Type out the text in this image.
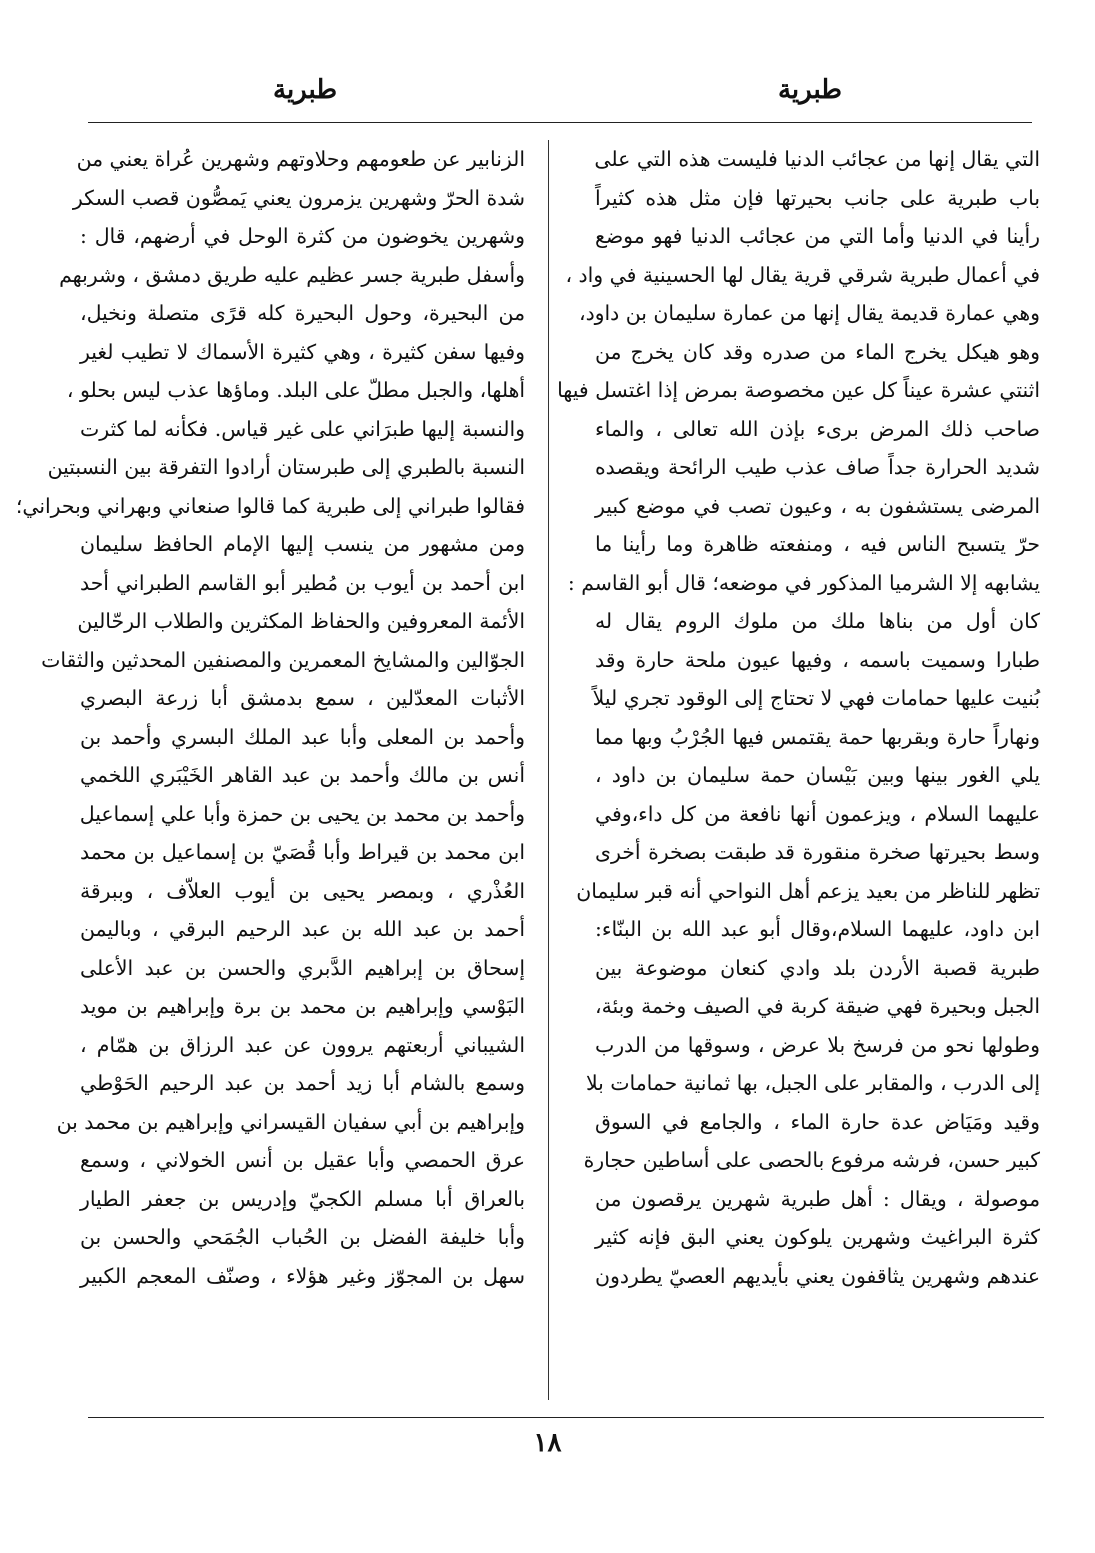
طبرية
طبرية
التي يقال إنها من عجائب الدنيا فليست هذه التي على
باب طبرية على جانب بحيرتها فإن مثل هذه كثيراً
رأينا في الدنيا وأما التي من عجائب الدنيا فهو موضع
في أعمال طبرية شرقي قرية يقال لها الحسينية في واد ،
وهي عمارة قديمة يقال إنها من عمارة سليمان بن داود،
وهو هيكل يخرج الماء من صدره وقد كان يخرج من
اثنتي عشرة عيناً كل عين مخصوصة بمرض إذا اغتسل فيها
صاحب ذلك المرض برىء بإذن الله تعالى ، والماء
شديد الحرارة جداً صاف عذب طيب الرائحة ويقصده
المرضى يستشفون به ، وعيون تصب في موضع كبير
حرّ يتسبح الناس فيه ، ومنفعته ظاهرة وما رأينا ما
يشابهه إلا الشرميا المذكور في موضعه؛ قال أبو القاسم :
كان أول من بناها ملك من ملوك الروم يقال له
طبارا وسميت باسمه ، وفيها عيون ملحة حارة وقد
بُنيت عليها حمامات فهي لا تحتاج إلى الوقود تجري ليلاً
ونهاراً حارة وبقربها حمة يقتمس فيها الجُرْبُ وبها مما
يلي الغور بينها وبين بَيْسان حمة سليمان بن داود ،
عليهما السلام ، ويزعمون أنها نافعة من كل داء،وفي
وسط بحيرتها صخرة منقورة قد طبقت بصخرة أخرى
تظهر للناظر من بعيد يزعم أهل النواحي أنه قبر سليمان
ابن داود، عليهما السلام،وقال أبو عبد الله بن البنّاء:
طبرية قصبة الأردن بلد وادي كنعان موضوعة بين
الجبل وبحيرة فهي ضيقة كربة في الصيف وخمة وبئة،
وطولها نحو من فرسخ بلا عرض ، وسوقها من الدرب
إلى الدرب ، والمقابر على الجبل، بها ثمانية حمامات بلا
وقيد ومَيَاض عدة حارة الماء ، والجامع في السوق
كبير حسن، فرشه مرفوع بالحصى على أساطين حجارة
موصولة ، ويقال : أهل طبرية شهرين يرقصون من
كثرة البراغيث وشهرين يلوكون يعني البق فإنه كثير
عندهم وشهرين يثاقفون يعني بأيديهم العصيّ يطردون
الزنابير عن طعومهم وحلاوتهم وشهرين عُراة يعني من
شدة الحرّ وشهرين يزمرون يعني يَمصُّون قصب السكر
وشهرين يخوضون من كثرة الوحل في أرضهم، قال :
وأسفل طبرية جسر عظيم عليه طريق دمشق ، وشربهم
من البحيرة، وحول البحيرة كله قرًى متصلة ونخيل،
وفيها سفن كثيرة ، وهي كثيرة الأسماك لا تطيب لغير
أهلها، والجبل مطلّ على البلد. وماؤها عذب ليس بحلو ،
والنسبة إليها طبرَاني على غير قياس. فكأنه لما كثرت
النسبة بالطبري إلى طبرستان أرادوا التفرقة بين النسبتين
فقالوا طبراني إلى طبرية كما قالوا صنعاني وبهراني وبحراني؛
ومن مشهور من ينسب إليها الإمام الحافظ سليمان
ابن أحمد بن أيوب بن مُطير أبو القاسم الطبراني أحد
الأئمة المعروفين والحفاظ المكثرين والطلاب الرحّالين
الجوّالين والمشايخ المعمرين والمصنفين المحدثين والثقات
الأثبات المعدّلين ، سمع بدمشق أبا زرعة البصري
وأحمد بن المعلى وأبا عبد الملك البسري وأحمد بن
أنس بن مالك وأحمد بن عبد القاهر الخَيْبَري اللخمي
وأحمد بن محمد بن يحيى بن حمزة وأبا علي إسماعيل
ابن محمد بن قيراط وأبا قُصَيّ بن إسماعيل بن محمد
العُذْري ، وبمصر يحيى بن أيوب العلاّف ، وببرقة
أحمد بن عبد الله بن عبد الرحيم البرقي ، وباليمن
إسحاق بن إبراهيم الدَّبري والحسن بن عبد الأعلى
البَوْسي وإبراهيم بن محمد بن برة وإبراهيم بن مويد
الشيباني أربعتهم يروون عن عبد الرزاق بن همّام ،
وسمع بالشام أبا زيد أحمد بن عبد الرحيم الحَوْطي
وإبراهيم بن أبي سفيان القيسراني وإبراهيم بن محمد بن
عرق الحمصي وأبا عقيل بن أنس الخولاني ، وسمع
بالعراق أبا مسلم الكجيّ وإدريس بن جعفر الطيار
وأبا خليفة الفضل بن الحُباب الجُمَحي والحسن بن
سهل بن المجوّز وغير هؤلاء ، وصنّف المعجم الكبير
١٨
